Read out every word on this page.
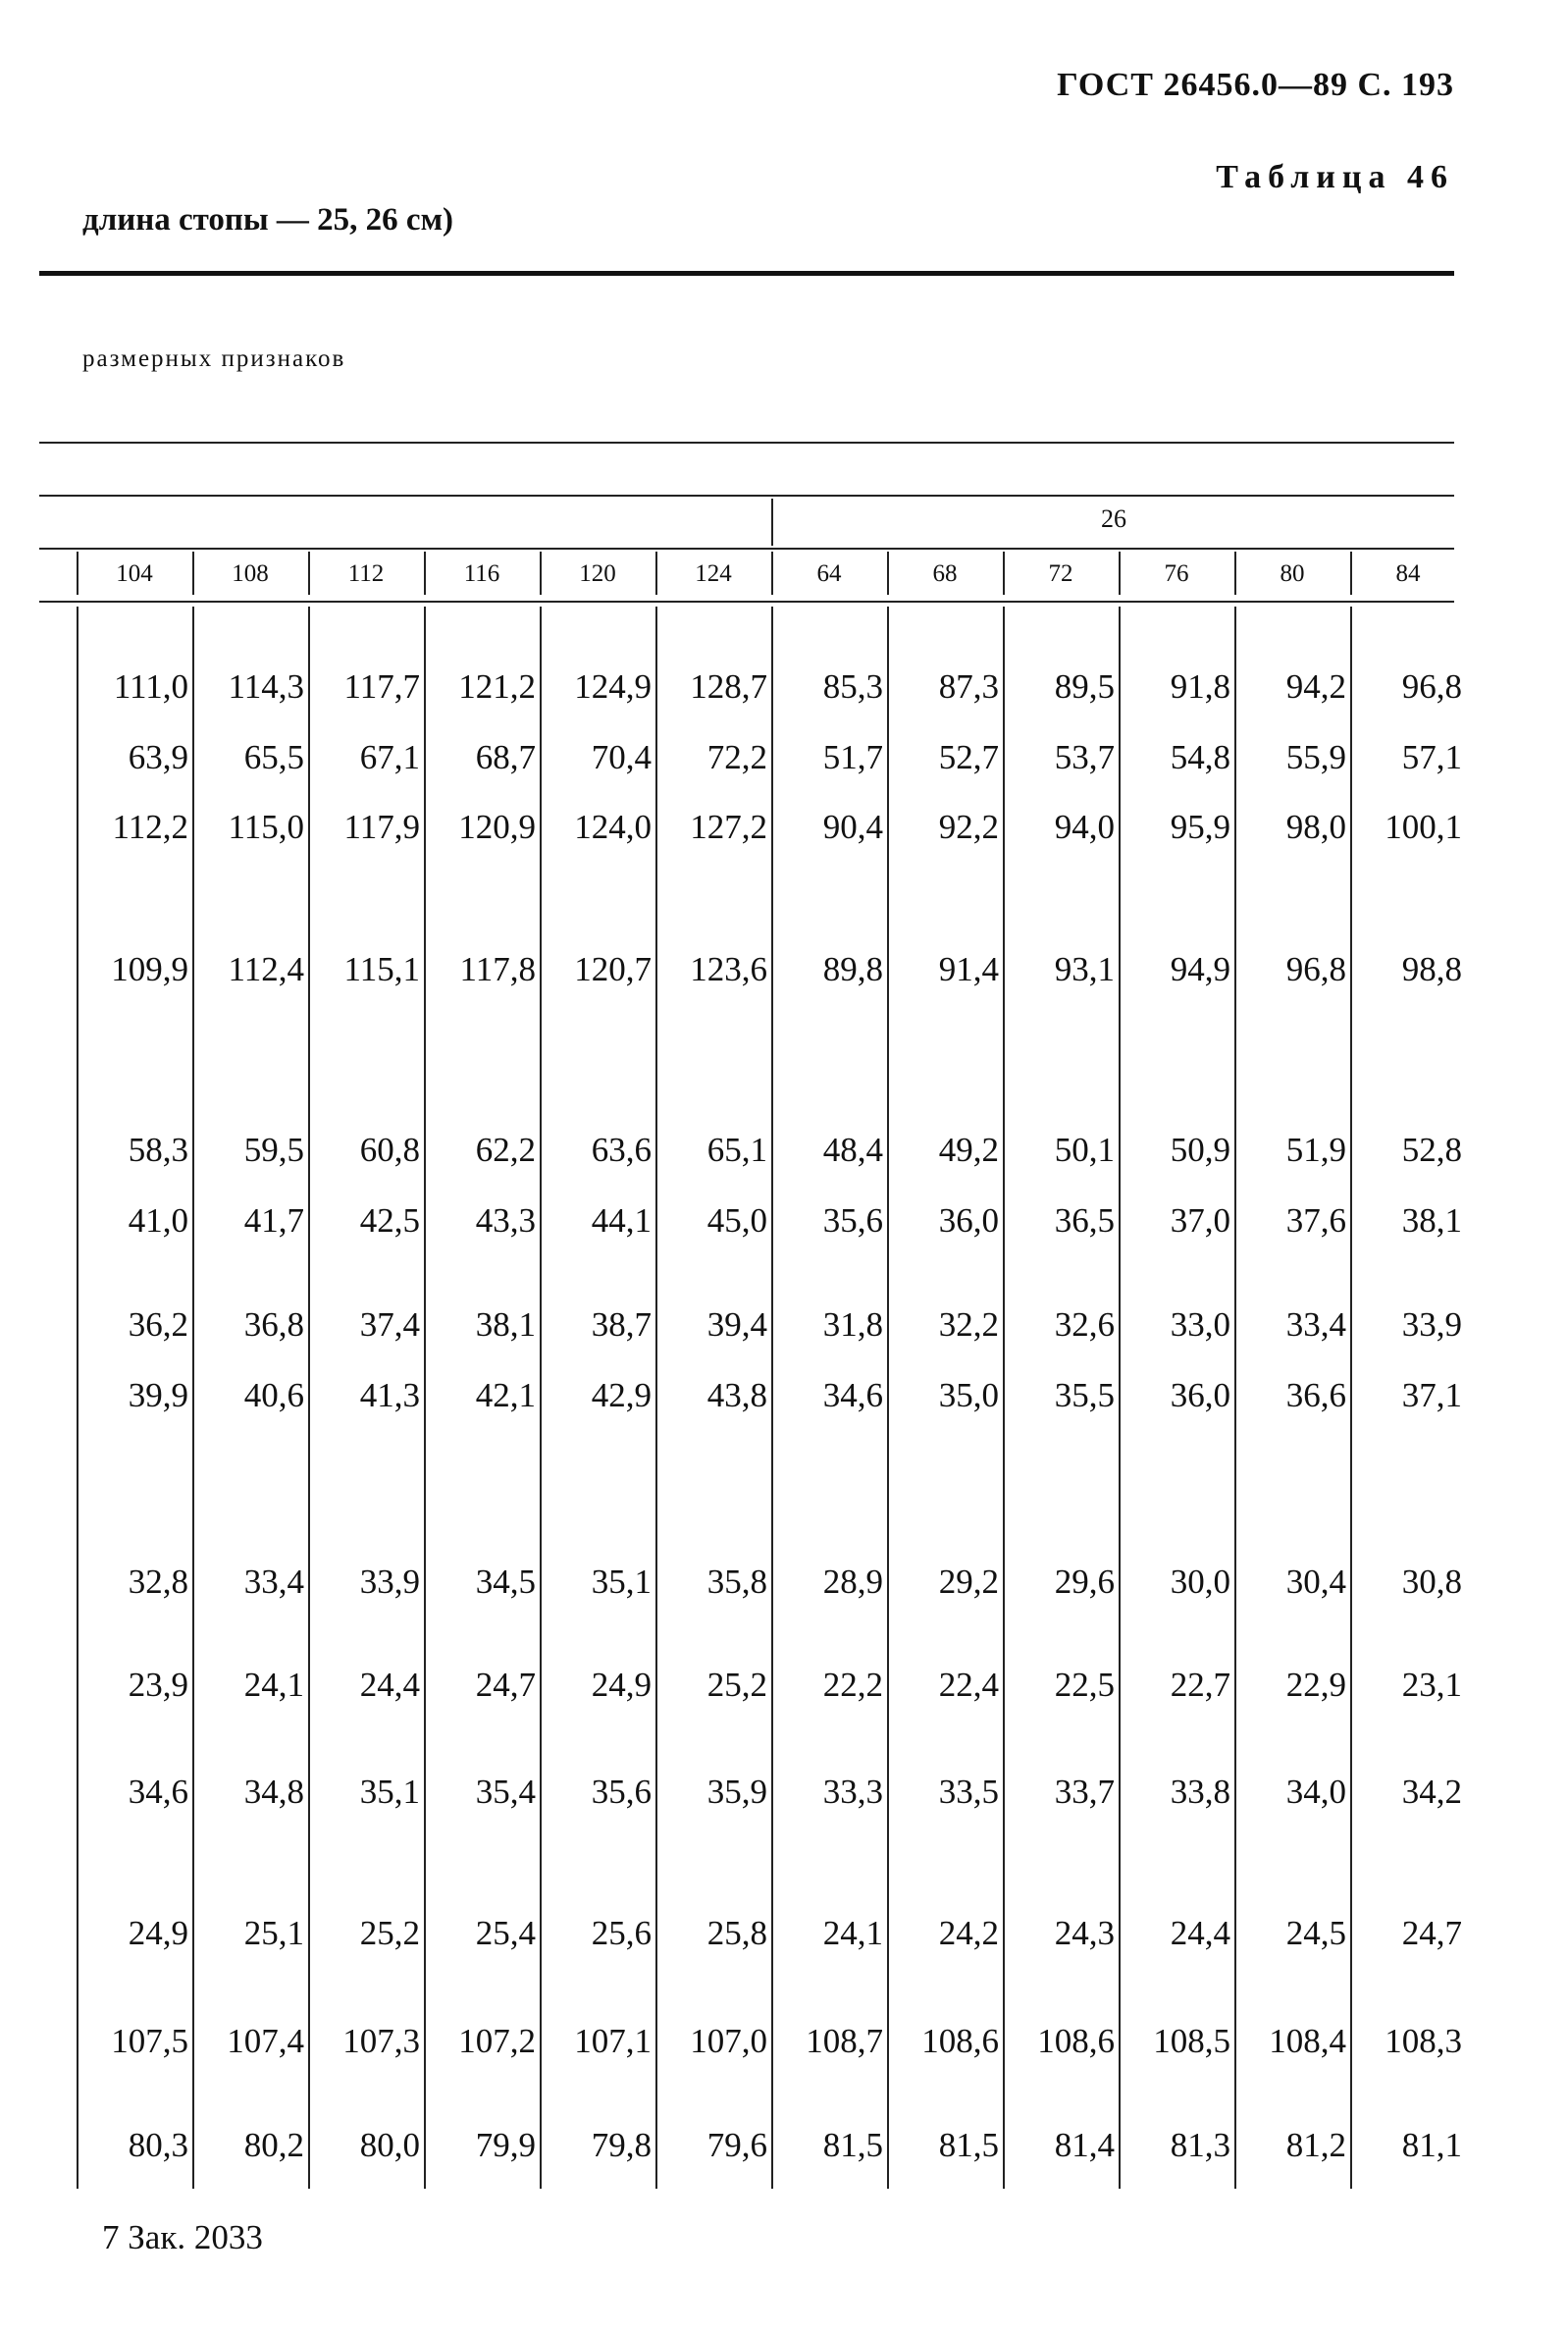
ГОСТ 26456.0—89 С. 193
Таблица 46
длина стопы — 25, 26 см)
размерных признаков
26
104	108	112	116	120	124	64	68	72	76	80	84
111,0	114,3	117,7	121,2	124,9	128,7	85,3	87,3	89,5	91,8	94,2	96,8
63,9	65,5	67,1	68,7	70,4	72,2	51,7	52,7	53,7	54,8	55,9	57,1
112,2	115,0	117,9	120,9	124,0	127,2	90,4	92,2	94,0	95,9	98,0	100,1
109,9	112,4	115,1	117,8	120,7	123,6	89,8	91,4	93,1	94,9	96,8	98,8
58,3	59,5	60,8	62,2	63,6	65,1	48,4	49,2	50,1	50,9	51,9	52,8
41,0	41,7	42,5	43,3	44,1	45,0	35,6	36,0	36,5	37,0	37,6	38,1
36,2	36,8	37,4	38,1	38,7	39,4	31,8	32,2	32,6	33,0	33,4	33,9
39,9	40,6	41,3	42,1	42,9	43,8	34,6	35,0	35,5	36,0	36,6	37,1
32,8	33,4	33,9	34,5	35,1	35,8	28,9	29,2	29,6	30,0	30,4	30,8
23,9	24,1	24,4	24,7	24,9	25,2	22,2	22,4	22,5	22,7	22,9	23,1
34,6	34,8	35,1	35,4	35,6	35,9	33,3	33,5	33,7	33,8	34,0	34,2
24,9	25,1	25,2	25,4	25,6	25,8	24,1	24,2	24,3	24,4	24,5	24,7
107,5	107,4	107,3	107,2	107,1	107,0	108,7	108,6	108,6	108,5	108,4	108,3
80,3	80,2	80,0	79,9	79,8	79,6	81,5	81,5	81,4	81,3	81,2	81,1
7 Зак. 2033
